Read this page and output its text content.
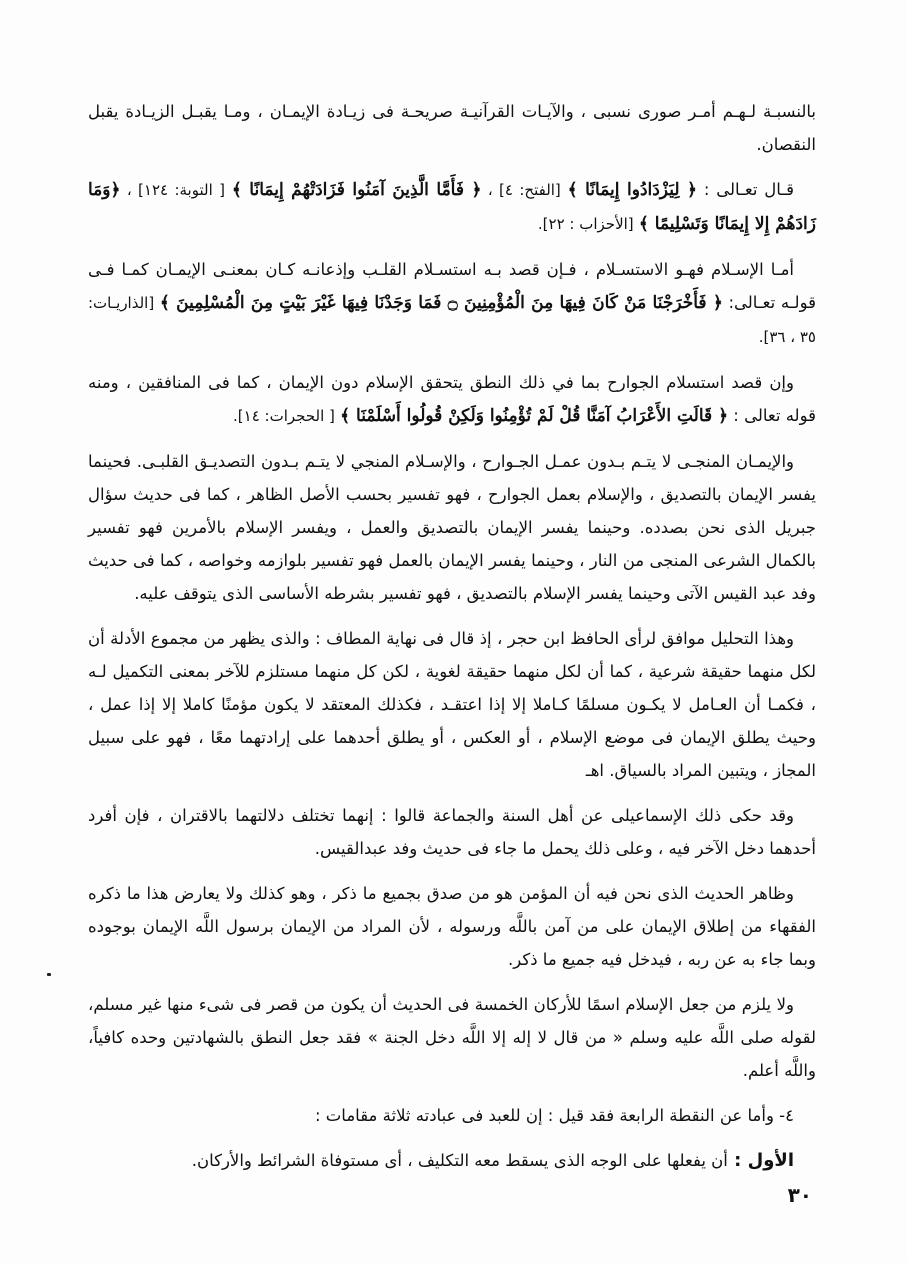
بالنسبـة لـهـم أمـر صورى نسبى ، والآيـات القرآنيـة صريحـة فى زيـادة الإيمـان ، ومـا يقبـل الزيـادة يقبل النقصان.

قـال تعـالى : ﴿ لِيَزْدَادُوا إِيمَانًا ﴾ [الفتح: ٤] ، ﴿ فَأَمَّا الَّذِينَ آمَنُوا فَزَادَتْهُمْ إِيمَانًا ﴾ [ التوبة: ١٢٤] ، ﴿وَمَا زَادَهُمْ إِلا إِيمَانًا وَتَسْلِيمًا ﴾ [الأحزاب : ٢٢].

أمـا الإسـلام فهـو الاستسـلام ، فـإن قصد بـه استسـلام القلـب وإذعانـه كـان بمعنـى الإيمـان كمـا فـى قولـه تعـالى: ﴿ فَأَخْرَجْنَا مَنْ كَانَ فِيهَا مِنَ الْمُؤْمِنِينَ ۝ فَمَا وَجَدْنَا فِيهَا غَيْرَ بَيْتٍ مِنَ الْمُسْلِمِينَ ﴾ [الذاريـات: ٣٥ ، ٣٦].

وإن قصد استسلام الجوارح بما في ذلك النطق يتحقق الإسلام دون الإيمان ، كما فى المنافقين ، ومنه قوله تعالى : ﴿ قَالَتِ الأَعْرَابُ آمَنَّا قُلْ لَمْ تُؤْمِنُوا وَلَكِنْ قُولُوا أَسْلَمْنَا ﴾ [ الحجرات: ١٤].

والإيمـان المنجـى لا يتـم بـدون عمـل الجـوارح ، والإسـلام المنجي لا يتـم بـدون التصديـق القلبـى. فحينما يفسر الإيمان بالتصديق ، والإسلام بعمل الجوارح ، فهو تفسير بحسب الأصل الظاهر ، كما فى حديث سؤال جبريل الذى نحن بصدده. وحينما يفسر الإيمان بالتصديق والعمل ، ويفسر الإسلام بالأمرين فهو تفسير بالكمال الشرعى المنجى من النار ، وحينما يفسر الإيمان بالعمل فهو تفسير بلوازمه وخواصه ، كما فى حديث وفد عبد القيس الآتى وحينما يفسر الإسلام بالتصديق ، فهو تفسير بشرطه الأساسى الذى يتوقف عليه.

وهذا التحليل موافق لرأى الحافظ ابن حجر ، إذ قال فى نهاية المطاف : والذى يظهر من مجموع الأدلة أن لكل منهما حقيقة شرعية ، كما أن لكل منهما حقيقة لغوية ، لكن كل منهما مستلزم للآخر بمعنى التكميل لـه ، فكمـا أن العـامل لا يكـون مسلمًا كـاملا إلا إذا اعتقـد ، فكذلك المعتقد لا يكون مؤمنًا كاملا إلا إذا عمل ، وحيث يطلق الإيمان فى موضع الإسلام ، أو العكس ، أو يطلق أحدهما على إرادتهما معًا ، فهو على سبيل المجاز ، ويتبين المراد بالسياق. اهـ

وقد حكى ذلك الإسماعيلى عن أهل السنة والجماعة قالوا : إنهما تختلف دلالتهما بالاقتران ، فإن أفرد أحدهما دخل الآخر فيه ، وعلى ذلك يحمل ما جاء فى حديث وفد عبدالقيس.

وظاهر الحديث الذى نحن فيه أن المؤمن هو من صدق بجميع ما ذكر ، وهو كذلك ولا يعارض هذا ما ذكره الفقهاء من إطلاق الإيمان على من آمن باللَّه ورسوله ، لأن المراد من الإيمان برسول اللَّه الإيمان بوجوده وبما جاء به عن ربه ، فيدخل فيه جميع ما ذكر.

ولا يلزم من جعل الإسلام اسمًا للأركان الخمسة فى الحديث أن يكون من قصر فى شىء منها غير مسلم، لقوله صلى اللَّه عليه وسلم « من قال لا إله إلا اللَّه دخل الجنة » فقد جعل النطق بالشهادتين وحده كافياً، واللَّه أعلم.

٤- وأما عن النقطة الرابعة فقد قيل : إن للعبد فى عبادته ثلاثة مقامات :

الأول : أن يفعلها على الوجه الذى يسقط معه التكليف ، أى مستوفاة الشرائط والأركان.

٣٠
